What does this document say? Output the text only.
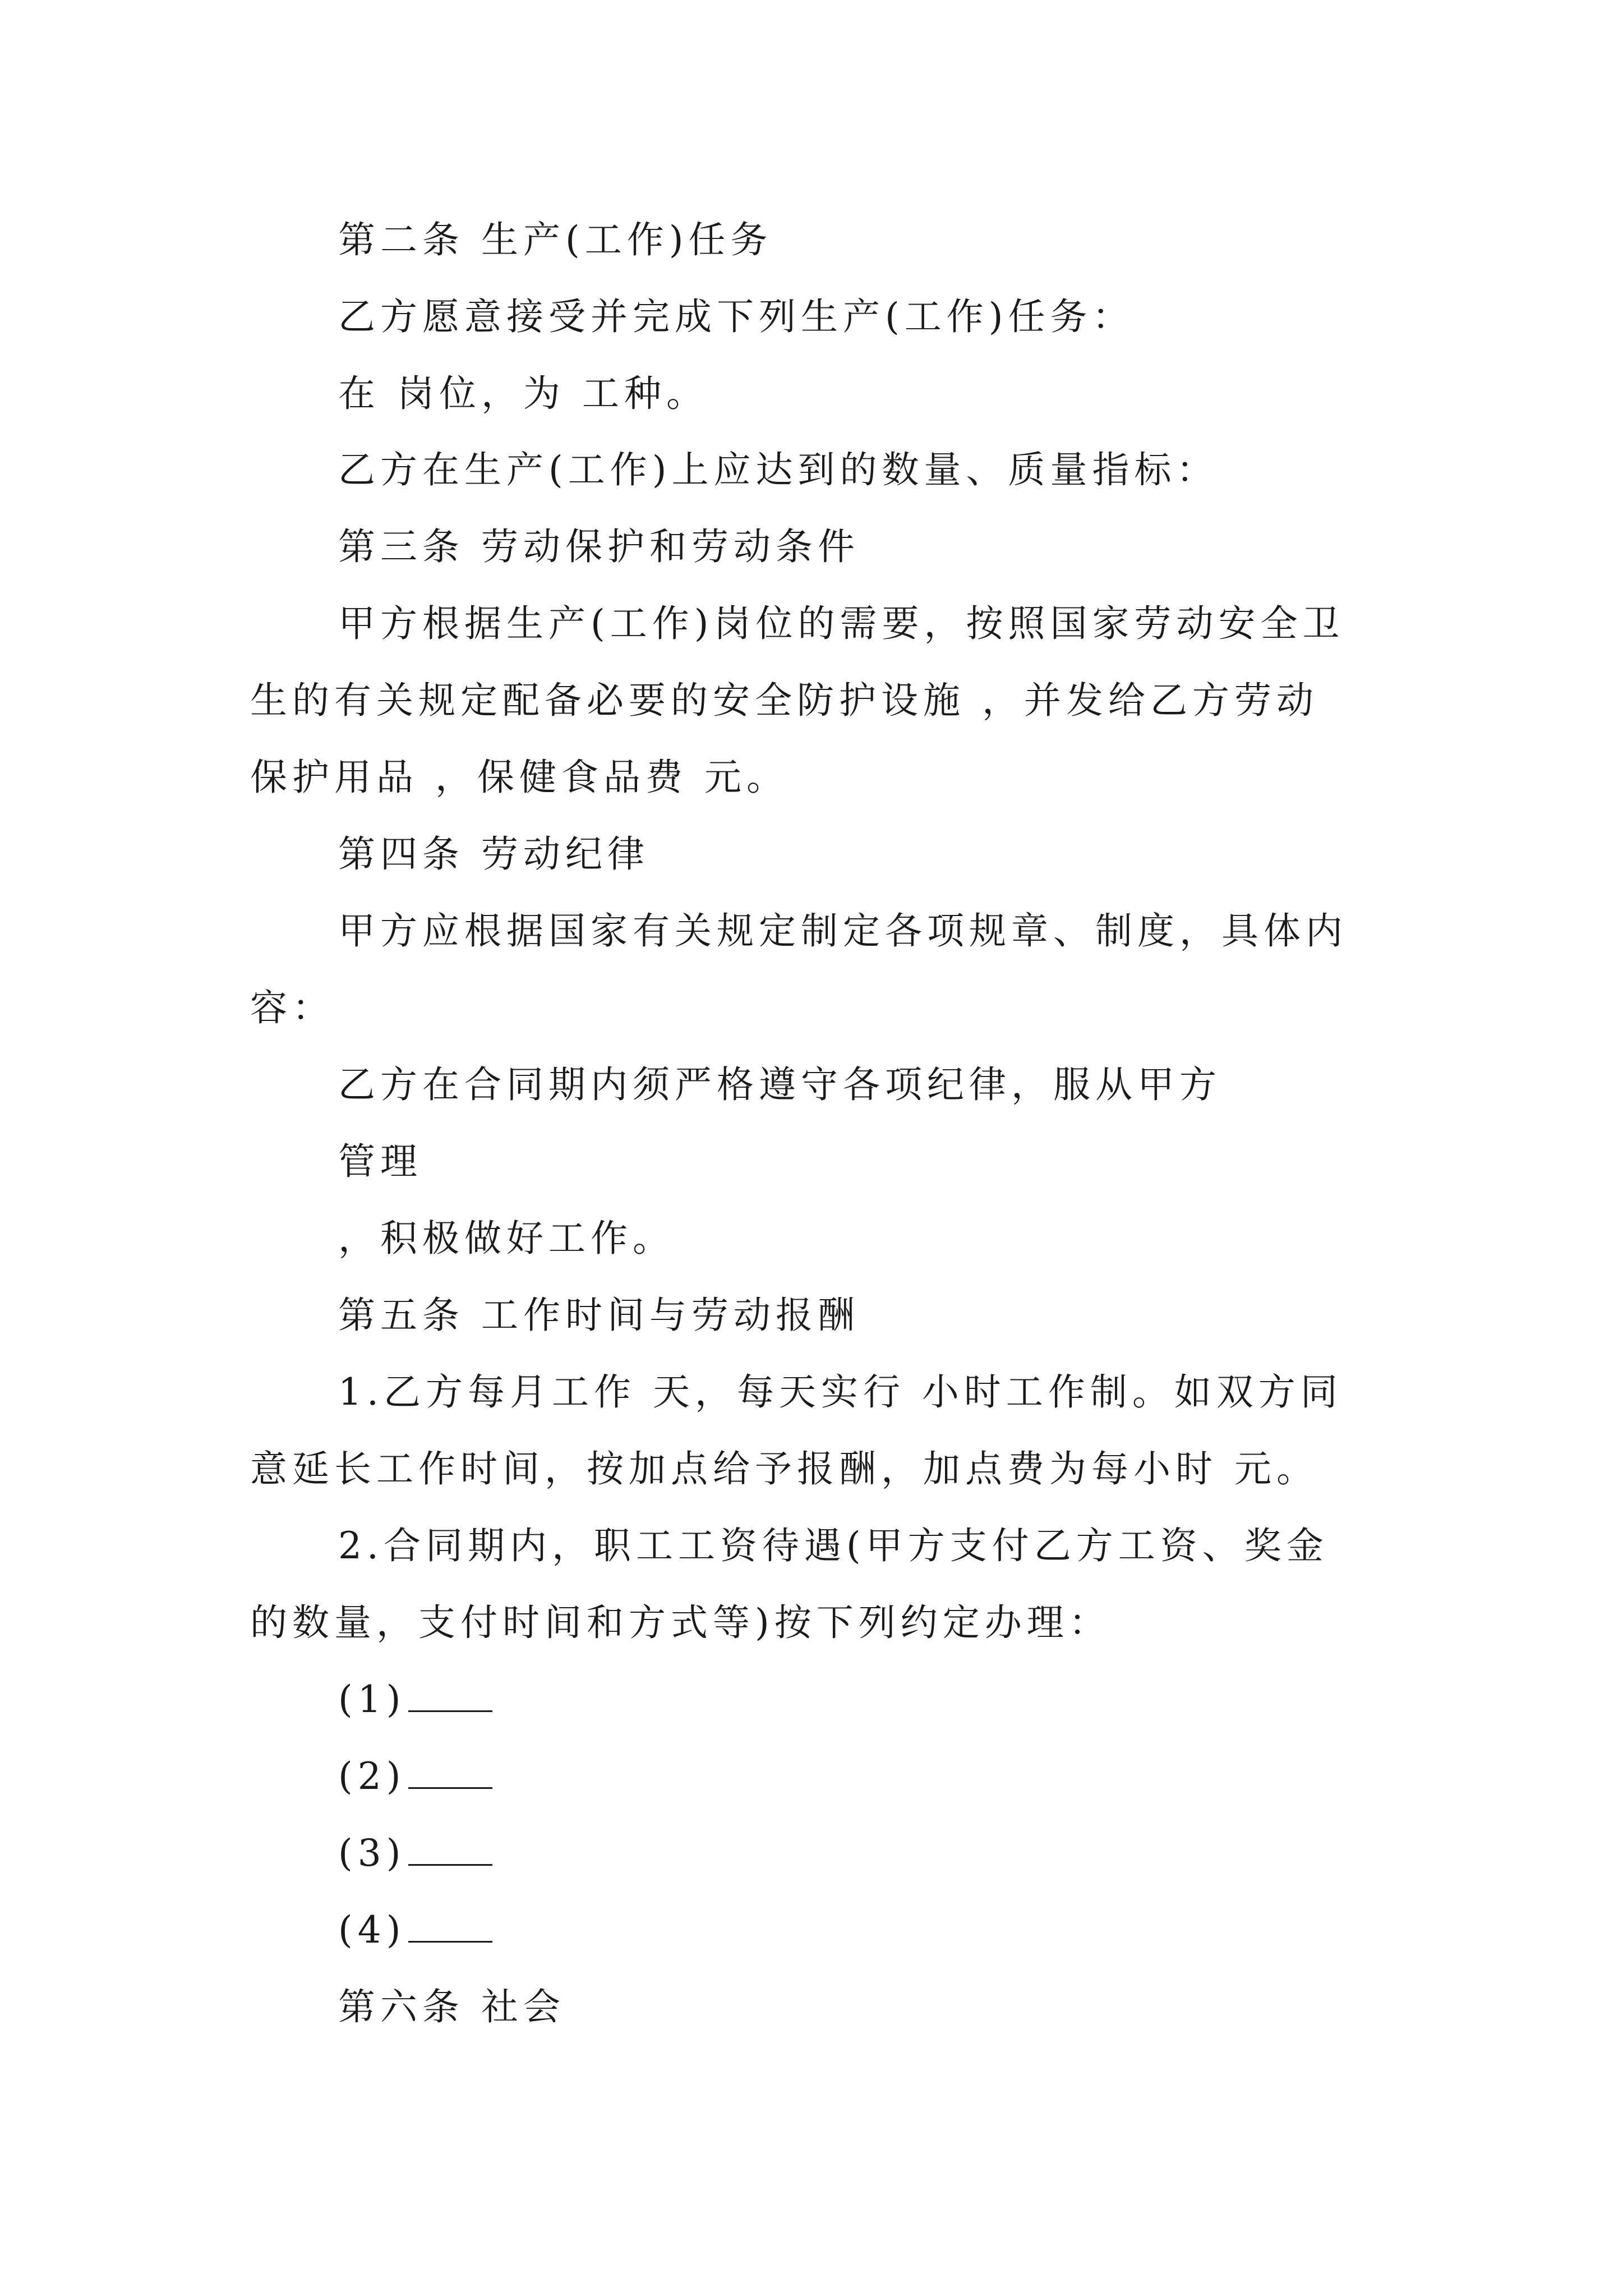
第二条 生产(工作)任务
乙方愿意接受并完成下列生产(工作)任务：
在 岗位，为 工种。
乙方在生产(工作)上应达到的数量、质量指标：
第三条 劳动保护和劳动条件
甲方根据生产(工作)岗位的需要，按照国家劳动安全卫
生的有关规定配备必要的安全防护设施 ，并发给乙方劳动
保护用品 ，保健食品费 元。
第四条 劳动纪律
甲方应根据国家有关规定制定各项规章、制度，具体内
容：
乙方在合同期内须严格遵守各项纪律，服从甲方
管理
，积极做好工作。
第五条 工作时间与劳动报酬
1.乙方每月工作 天，每天实行 小时工作制。如双方同
意延长工作时间，按加点给予报酬，加点费为每小时 元。
2.合同期内，职工工资待遇(甲方支付乙方工资、奖金
的数量，支付时间和方式等)按下列约定办理：
(1)
(2)
(3)
(4)
第六条 社会
